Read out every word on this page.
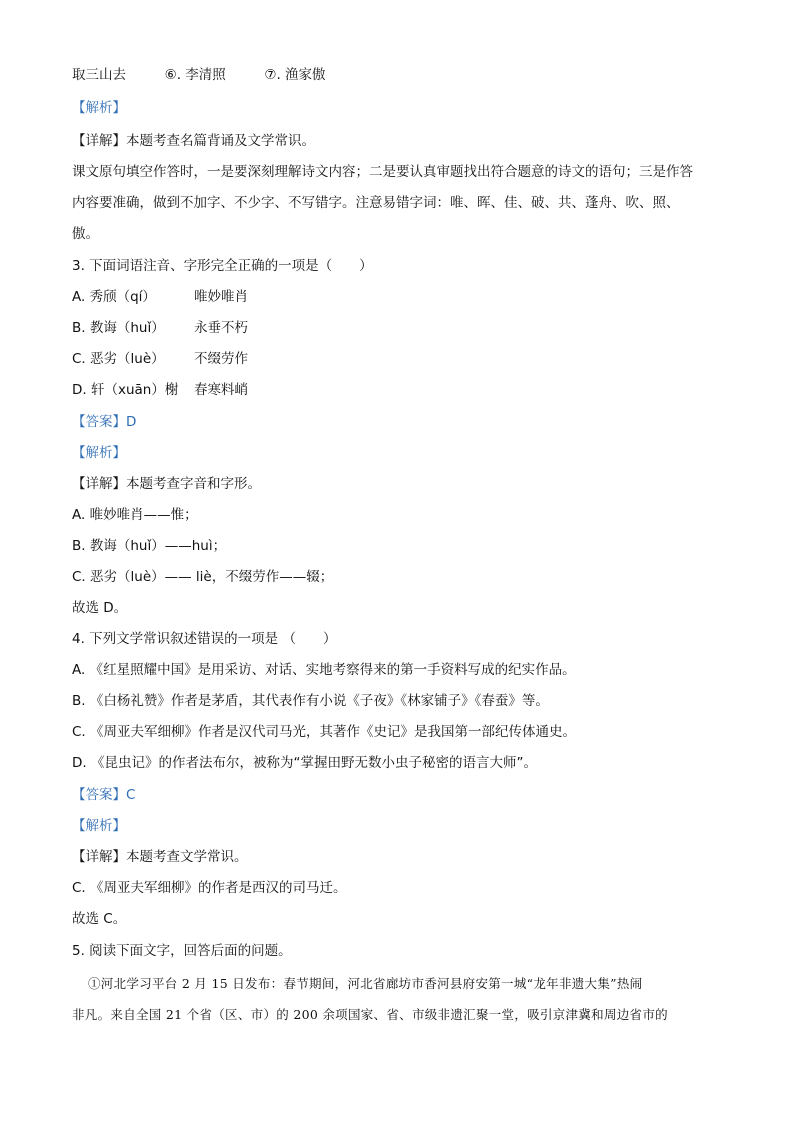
取三山去	⑥. 李清照	⑦. 渔家傲
【解析】
【详解】本题考查名篇背诵及文学常识。
课文原句填空作答时，一是要深刻理解诗文内容；二是要认真审题找出符合题意的诗文的语句；三是作答
内容要准确，做到不加字、不少字、不写错字。注意易错字词：唯、晖、佳、破、共、蓬舟、吹、照、
傲。
3. 下面词语注音、字形完全正确的一项是（　　）
A. 秀颀（qí）	唯妙唯肖
B. 教诲（huǐ） 永垂不朽
C. 恶劣（luè） 不缀劳作
D. 轩（xuān）榭 春寒料峭
【答案】D
【解析】
【详解】本题考查字音和字形。
A. 唯妙唯肖——惟；
B. 教诲（huǐ）——huì；
C. 恶劣（luè）—— liè，不缀劳作——辍；
故选 D。
4. 下列文学常识叙述错误的一项是 （　　）
A. 《红星照耀中国》是用采访、对话、实地考察得来的第一手资料写成的纪实作品。
B. 《白杨礼赞》作者是茅盾，其代表作有小说《子夜》《林家铺子》《春蚕》等。
C. 《周亚夫军细柳》作者是汉代司马光，其著作《史记》是我国第一部纪传体通史。
D. 《昆虫记》的作者法布尔，被称为“掌握田野无数小虫子秘密的语言大师”。
【答案】C
【解析】
【详解】本题考查文学常识。
C. 《周亚夫军细柳》的作者是西汉的司马迁。
故选 C。
5. 阅读下面文字，回答后面的问题。
①河北学习平台 2 月 15 日发布：春节期间，河北省廊坊市香河县府安第一城“龙年非遗大集”热闹
非凡。来自全国 21 个省（区、市）的 200 余项国家、省、市级非遗汇聚一堂，吸引京津冀和周边省市的
